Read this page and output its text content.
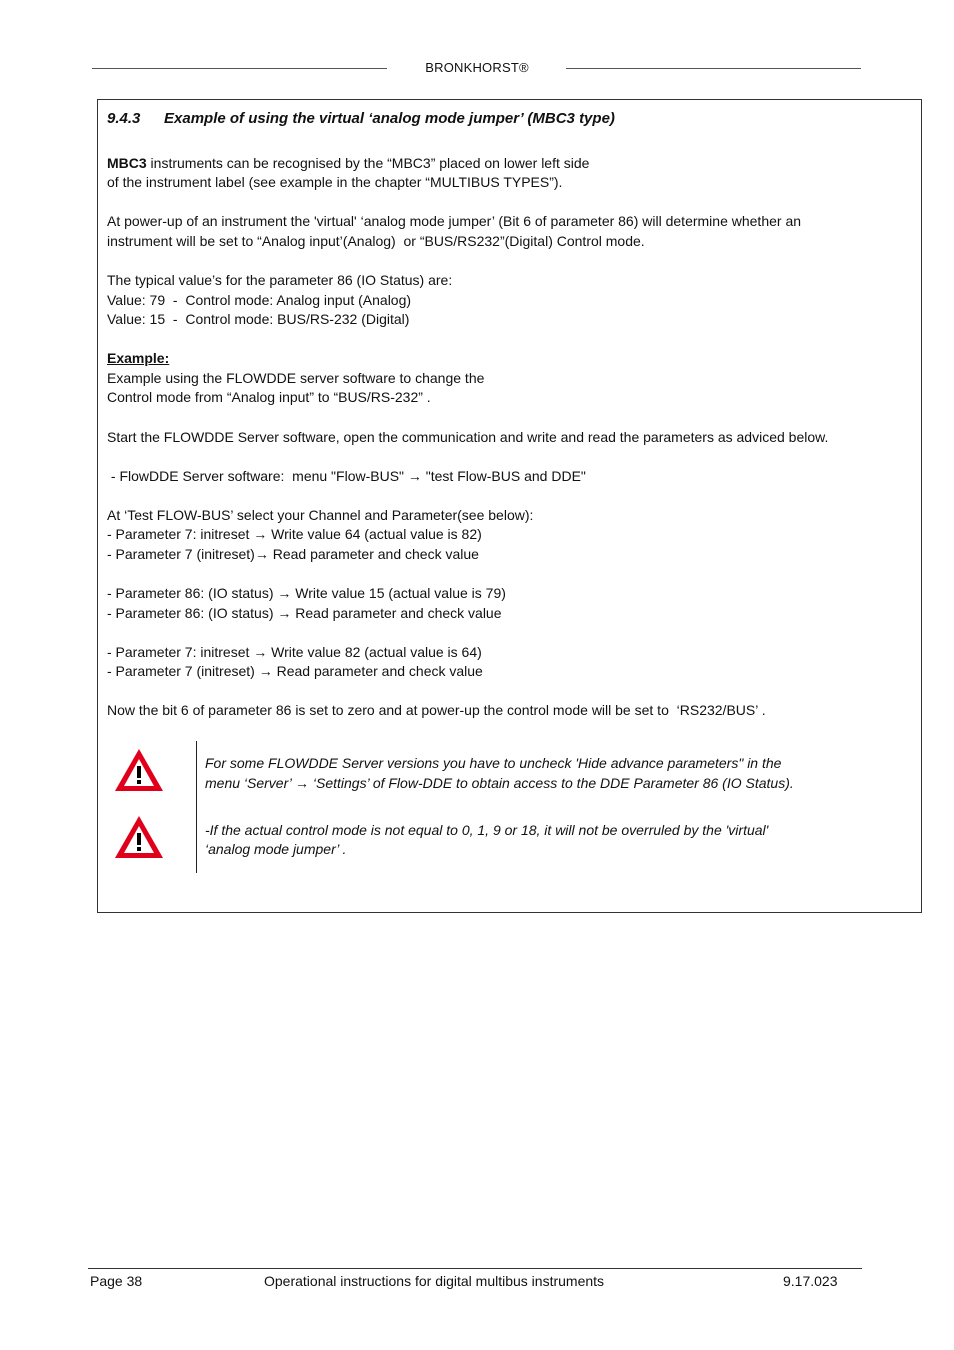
BRONKHORST®
9.4.3 Example of using the virtual ‘analog mode jumper’ (MBC3 type)
MBC3 instruments can be recognised by the “MBC3” placed on lower left side
of the instrument label (see example in the chapter “MULTIBUS TYPES”).
At power-up of an instrument the 'virtual' ‘analog mode jumper’ (Bit 6 of parameter 86) will determine whether an
instrument will be set to “Analog input’(Analog)  or “BUS/RS232”(Digital) Control mode.
The typical value’s for the parameter 86 (IO Status) are:
Value: 79  -  Control mode: Analog input (Analog)
Value: 15  -  Control mode: BUS/RS-232 (Digital)
Example:
Example using the FLOWDDE server software to change the
Control mode from “Analog input” to “BUS/RS-232” .
Start the FLOWDDE Server software, open the communication and write and read the parameters as adviced below.
- FlowDDE Server software:  menu "Flow-BUS" → "test Flow-BUS and DDE"
At ‘Test FLOW-BUS’ select your Channel and Parameter(see below):
- Parameter 7: initreset → Write value 64 (actual value is 82)
- Parameter 7 (initreset)→ Read parameter and check value
- Parameter 86: (IO status) → Write value 15 (actual value is 79)
- Parameter 86: (IO status) → Read parameter and check value
- Parameter 7: initreset → Write value 82 (actual value is 64)
- Parameter 7 (initreset) → Read parameter and check value
Now the bit 6 of parameter 86 is set to zero and at power-up the control mode will be set to  ‘RS232/BUS’ .
For some FLOWDDE Server versions you have to uncheck 'Hide advance parameters" in the
menu ‘Server’ → ‘Settings’ of Flow-DDE to obtain access to the DDE Parameter 86 (IO Status).
-If the actual control mode is not equal to 0, 1, 9 or 18, it will not be overruled by the 'virtual'
‘analog mode jumper’ .
Page 38	Operational instructions for digital multibus instruments	9.17.023
